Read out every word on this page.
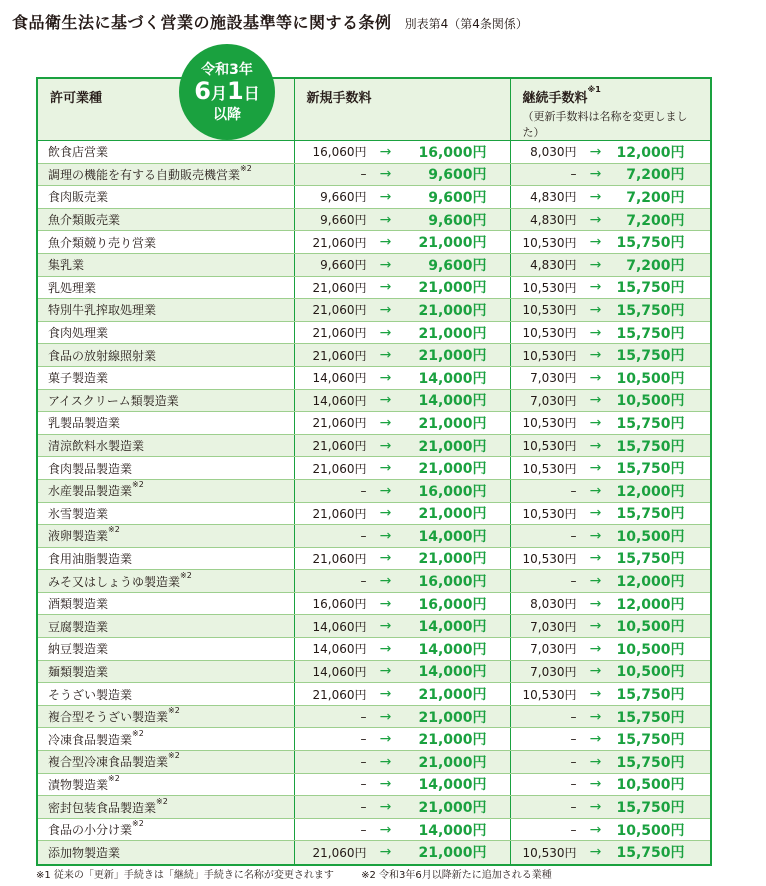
食品衛生法に基づく営業の施設基準等に関する条例 別表第4（第4条関係）
令和3年
6月1日
以降
許可業種	新規手数料	継続手数料$^{※1}$
（更新手数料は名称を変更しました）

飲食店営業	16,060円 → 16,000円	8,030円 → 12,000円

調理の機能を有する自動販売機営業$^{※2}$	– → 9,600円	– → 7,200円

食肉販売業	9,660円 → 9,600円	4,830円 → 7,200円

魚介類販売業	9,660円 → 9,600円	4,830円 → 7,200円

魚介類競り売り営業	21,060円 → 21,000円	10,530円 → 15,750円

集乳業	9,660円 → 9,600円	4,830円 → 7,200円

乳処理業	21,060円 → 21,000円	10,530円 → 15,750円

特別牛乳搾取処理業	21,060円 → 21,000円	10,530円 → 15,750円

食肉処理業	21,060円 → 21,000円	10,530円 → 15,750円

食品の放射線照射業	21,060円 → 21,000円	10,530円 → 15,750円

菓子製造業	14,060円 → 14,000円	7,030円 → 10,500円

アイスクリーム類製造業	14,060円 → 14,000円	7,030円 → 10,500円

乳製品製造業	21,060円 → 21,000円	10,530円 → 15,750円

清涼飲料水製造業	21,060円 → 21,000円	10,530円 → 15,750円

食肉製品製造業	21,060円 → 21,000円	10,530円 → 15,750円

水産製品製造業$^{※2}$	– → 16,000円	– → 12,000円

氷雪製造業	21,060円 → 21,000円	10,530円 → 15,750円

液卵製造業$^{※2}$	– → 14,000円	– → 10,500円

食用油脂製造業	21,060円 → 21,000円	10,530円 → 15,750円

みそ又はしょうゆ製造業$^{※2}$	– → 16,000円	– → 12,000円

酒類製造業	16,060円 → 16,000円	8,030円 → 12,000円

豆腐製造業	14,060円 → 14,000円	7,030円 → 10,500円

納豆製造業	14,060円 → 14,000円	7,030円 → 10,500円

麺類製造業	14,060円 → 14,000円	7,030円 → 10,500円

そうざい製造業	21,060円 → 21,000円	10,530円 → 15,750円

複合型そうざい製造業$^{※2}$	– → 21,000円	– → 15,750円

冷凍食品製造業$^{※2}$	– → 21,000円	– → 15,750円

複合型冷凍食品製造業$^{※2}$	– → 21,000円	– → 15,750円

漬物製造業$^{※2}$	– → 14,000円	– → 10,500円

密封包装食品製造業$^{※2}$	– → 21,000円	– → 15,750円

食品の小分け業$^{※2}$	– → 14,000円	– → 10,500円

添加物製造業	21,060円 → 21,000円	10,530円 → 15,750円
※1 従来の「更新」手続きは「継続」手続きに名称が変更されます	※2 令和3年6月以降新たに追加される業種
